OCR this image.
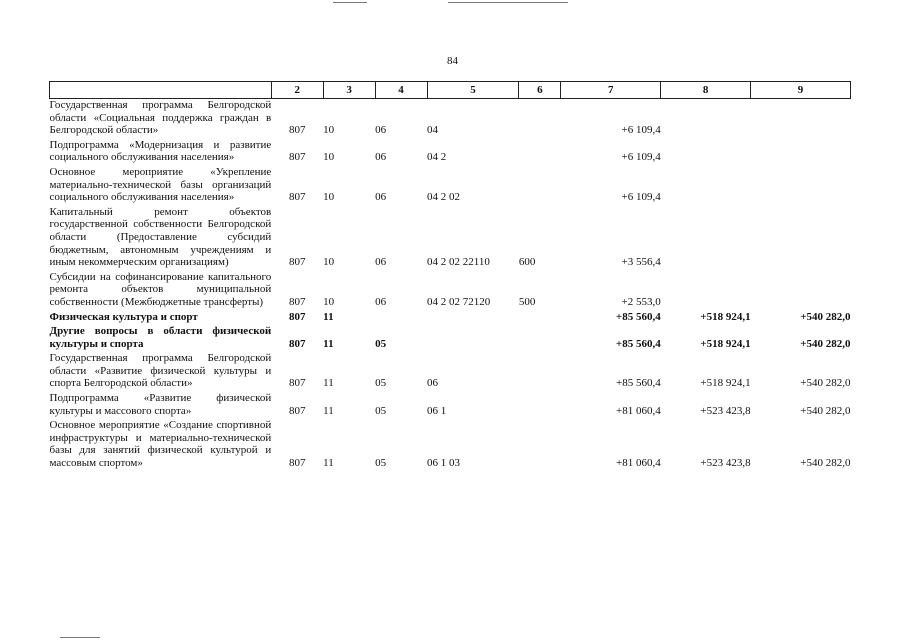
84
	2	3	4	5	6	7	8	9
Государственная программа Белгородской области «Социальная поддержка граждан в Белгородской области»	807	10	06	04		+6 109,4		
Подпрограмма «Модернизация и развитие социального обслуживания населения»	807	10	06	04 2		+6 109,4		
Основное мероприятие «Укрепление материально-технической базы организаций социального обслуживания населения»	807	10	06	04 2 02		+6 109,4		
Капитальный ремонт объектов государственной собственности Белгородской области (Предоставление субсидий бюджетным, автономным учреждениям и иным некоммерческим организациям)	807	10	06	04 2 02 22110	600	+3 556,4		
Субсидии на софинансирование капитального ремонта объектов муниципальной собственности (Межбюджетные трансферты)	807	10	06	04 2 02 72120	500	+2 553,0		
Физическая культура и спорт	807	11				+85 560,4	+518 924,1	+540 282,0
Другие вопросы в области физической культуры и спорта	807	11	05			+85 560,4	+518 924,1	+540 282,0
Государственная программа Белгородской области «Развитие физической культуры и спорта Белгородской области»	807	11	05	06		+85 560,4	+518 924,1	+540 282,0
Подпрограмма «Развитие физической культуры и массового спорта»	807	11	05	06 1		+81 060,4	+523 423,8	+540 282,0
Основное мероприятие «Создание спортивной инфраструктуры и материально-технической базы для занятий физической культурой и массовым спортом»	807	11	05	06 1 03		+81 060,4	+523 423,8	+540 282,0
